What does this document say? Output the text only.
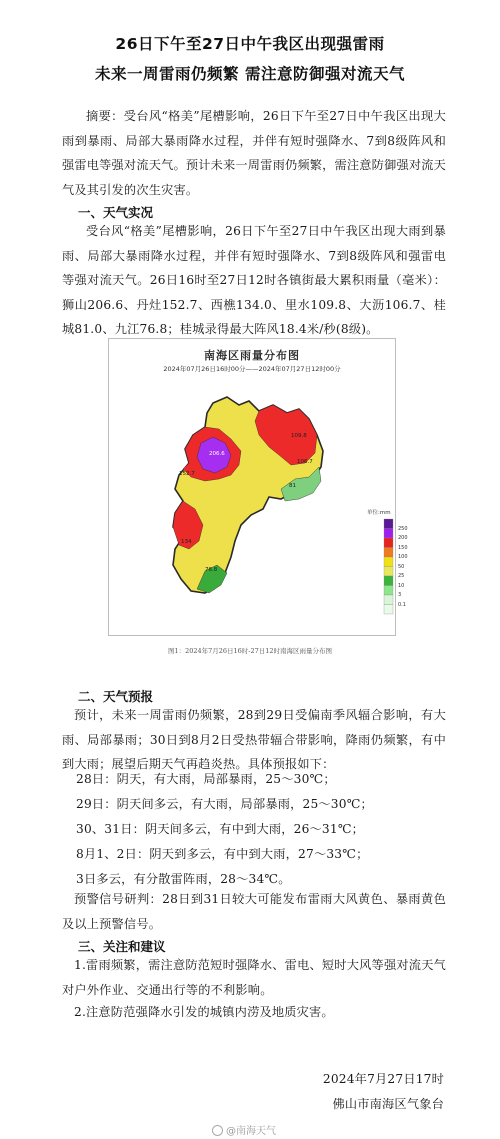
26日下午至27日中午我区出现强雷雨
未来一周雷雨仍频繁 需注意防御强对流天气
摘要：受台风“格美”尾槽影响，26日下午至27日中午我区出现大雨到暴雨、局部大暴雨降水过程，并伴有短时强降水、7到8级阵风和强雷电等强对流天气。预计未来一周雷雨仍频繁，需注意防御强对流天气及其引发的次生灾害。
一、天气实况
受台风“格美”尾槽影响，26日下午至27日中午我区出现大雨到暴雨、局部大暴雨降水过程，并伴有短时强降水、7到8级阵风和强雷电等强对流天气。26日16时至27日12时各镇街最大累积雨量（毫米）：狮山206.6、丹灶152.7、西樵134.0、里水109.8、大沥106.7、桂城81.0、九江76.8；桂城录得最大阵风18.4米/秒(8级)。
南海区雨量分布图
2024年07月26日16时00分——2024年07月27日12时00分
206.6
109.8
106.7
81
152.7
134
76.8
单位:mm
250
200
150
100
50
25
10
3
0.1
图1：2024年7月26日16时-27日12时南海区雨量分布图
二、天气预报
预计，未来一周雷雨仍频繁，28到29日受偏南季风辐合影响，有大雨、局部暴雨；30日到8月2日受热带辐合带影响，降雨仍频繁，有中到大雨；展望后期天气再趋炎热。具体预报如下：
28日：阴天，有大雨，局部暴雨，25～30℃；
29日：阴天间多云，有大雨，局部暴雨，25～30℃；
30、31日：阴天间多云，有中到大雨，26～31℃；
8月1、2日：阴天到多云，有中到大雨，27～33℃；
3日多云，有分散雷阵雨，28～34℃。
预警信号研判：28日到31日较大可能发布雷雨大风黄色、暴雨黄色及以上预警信号。
三、关注和建议
1.雷雨频繁，需注意防范短时强降水、雷电、短时大风等强对流天气对户外作业、交通出行等的不利影响。
2.注意防范强降水引发的城镇内涝及地质灾害。
2024年7月27日17时
佛山市南海区气象台
@南海天气
